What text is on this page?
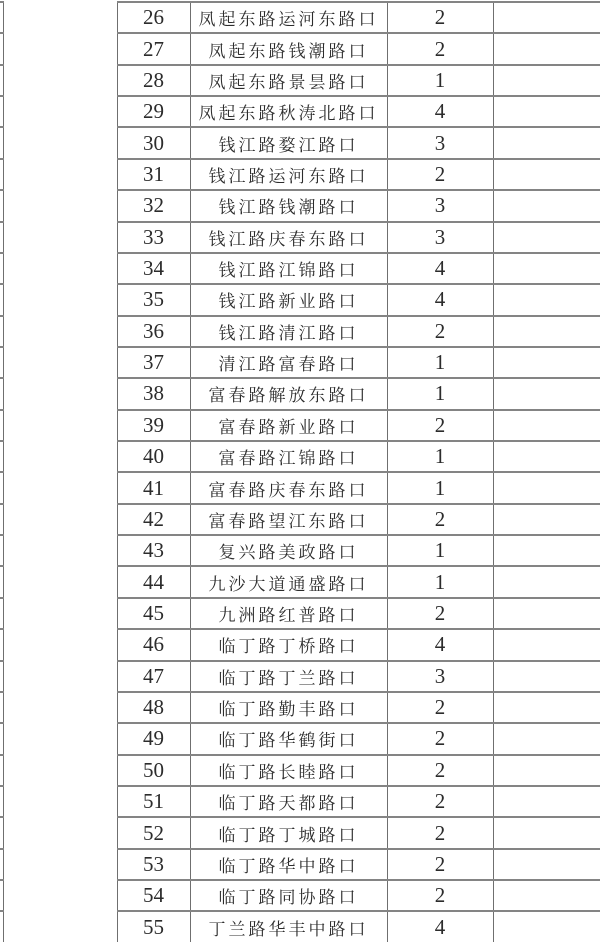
		26	凤起东路运河东路口	2	
		27	凤起东路钱潮路口	2	
		28	凤起东路景昙路口	1	
		29	凤起东路秋涛北路口	4	
		30	钱江路婺江路口	3	
		31	钱江路运河东路口	2	
		32	钱江路钱潮路口	3	
		33	钱江路庆春东路口	3	
		34	钱江路江锦路口	4	
		35	钱江路新业路口	4	
		36	钱江路清江路口	2	
		37	清江路富春路口	1	
		38	富春路解放东路口	1	
		39	富春路新业路口	2	
		40	富春路江锦路口	1	
		41	富春路庆春东路口	1	
		42	富春路望江东路口	2	
		43	复兴路美政路口	1	
		44	九沙大道通盛路口	1	
		45	九洲路红普路口	2	
		46	临丁路丁桥路口	4	
		47	临丁路丁兰路口	3	
		48	临丁路勤丰路口	2	
		49	临丁路华鹤街口	2	
		50	临丁路长睦路口	2	
		51	临丁路天都路口	2	
		52	临丁路丁城路口	2	
		53	临丁路华中路口	2	
		54	临丁路同协路口	2	
		55	丁兰路华丰中路口	4	
